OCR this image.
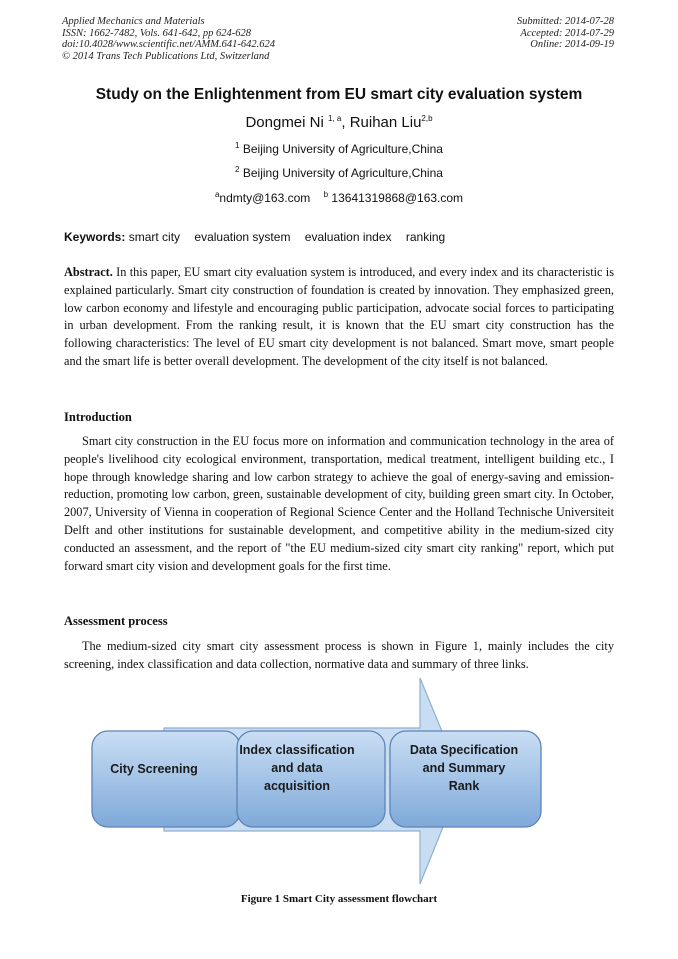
Applied Mechanics and Materials
ISSN: 1662-7482, Vols. 641-642, pp 624-628
doi:10.4028/www.scientific.net/AMM.641-642.624
© 2014 Trans Tech Publications Ltd, Switzerland
Submitted: 2014-07-28
Accepted: 2014-07-29
Online: 2014-09-19
Study on the Enlightenment from EU smart city evaluation system
Dongmei Ni $^{1, a}$, Ruihan Liu$^{2,b}$
$^1$ Beijing University of Agriculture,China
$^2$ Beijing University of Agriculture,China
$^a$ndmty@163.com $^b$ 13641319868@163.com
Keywords: smart city evaluation system evaluation index ranking
Abstract. In this paper, EU smart city evaluation system is introduced, and every index and its characteristic is explained particularly. Smart city construction of foundation is created by innovation. They emphasized green, low carbon economy and lifestyle and encouraging public participation, advocate social forces to participating in urban development. From the ranking result, it is known that the EU smart city construction has the following characteristics: The level of EU smart city development is not balanced. Smart move, smart people and the smart life is better overall development. The development of the city itself is not balanced.
Introduction
Smart city construction in the EU focus more on information and communication technology in the area of people's livelihood city ecological environment, transportation, medical treatment, intelligent building etc., I hope through knowledge sharing and low carbon strategy to achieve the goal of energy-saving and emission-reduction, promoting low carbon, green, sustainable development of city, building green smart city. In October, 2007, University of Vienna in cooperation of Regional Science Center and the Holland Technische Universiteit Delft and other institutions for sustainable development, and competitive ability in the medium-sized city conducted an assessment, and the report of "the EU medium-sized city smart city ranking" report, which put forward smart city vision and development goals for the first time.
Assessment process
The medium-sized city smart city assessment process is shown in Figure 1, mainly includes the city screening, index classification and data collection, normative data and summary of three links.
City Screening
Index classification
and data
acquisition
Data Specification
and Summary
Rank
Figure 1 Smart City assessment flowchart
